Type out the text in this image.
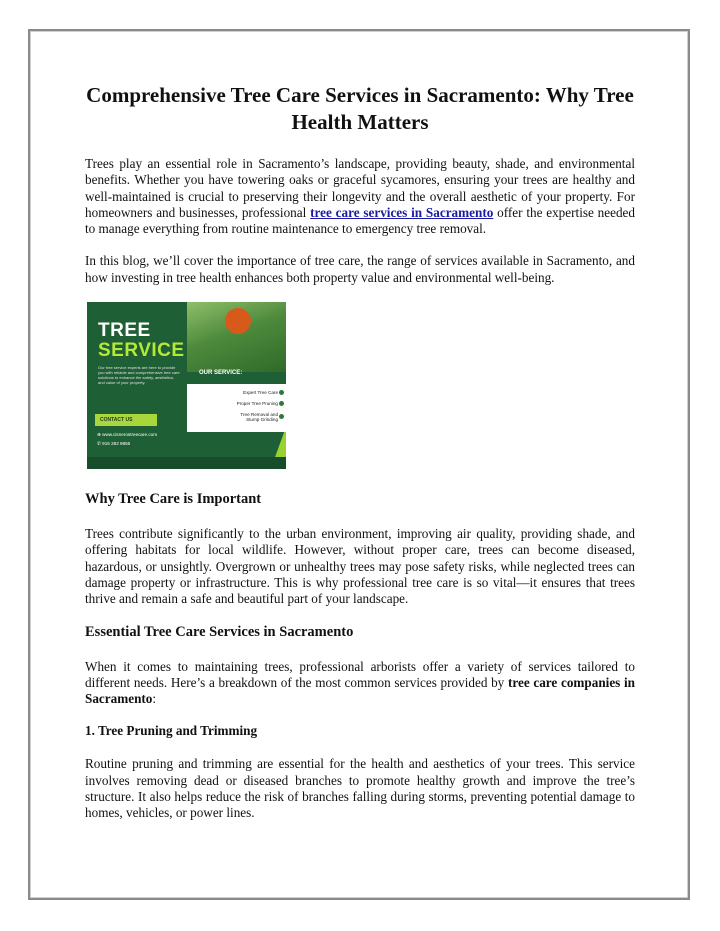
Comprehensive Tree Care Services in Sacramento: Why Tree Health Matters

Trees play an essential role in Sacramento’s landscape, providing beauty, shade, and environmental benefits. Whether you have towering oaks or graceful sycamores, ensuring your trees are healthy and well-maintained is crucial to preserving their longevity and the overall aesthetic of your property. For homeowners and businesses, professional tree care services in Sacramento offer the expertise needed to manage everything from routine maintenance to emergency tree removal.

In this blog, we’ll cover the importance of tree care, the range of services available in Sacramento, and how investing in tree health enhances both property value and environmental well-being.

TREE
SERVICE
Our tree service experts are here to provide you with reliable and comprehensive tree care solutions to enhance the safety, aesthetics, and value of your property.
OUR SERVICE:
Expert Tree Care
Proper Tree Pruning
Tree Removal and Stump Grinding
CONTACT US
⊕ www.cisnerostreecare.com
✆ 916 282 9855
Why Tree Care is Important

Trees contribute significantly to the urban environment, improving air quality, providing shade, and offering habitats for local wildlife. However, without proper care, trees can become diseased, hazardous, or unsightly. Overgrown or unhealthy trees may pose safety risks, while neglected trees can damage property or infrastructure. This is why professional tree care is so vital—it ensures that trees thrive and remain a safe and beautiful part of your landscape.

Essential Tree Care Services in Sacramento

When it comes to maintaining trees, professional arborists offer a variety of services tailored to different needs. Here’s a breakdown of the most common services provided by tree care companies in Sacramento:

1. Tree Pruning and Trimming

Routine pruning and trimming are essential for the health and aesthetics of your trees. This service involves removing dead or diseased branches to promote healthy growth and improve the tree’s structure. It also helps reduce the risk of branches falling during storms, preventing potential damage to homes, vehicles, or power lines.
